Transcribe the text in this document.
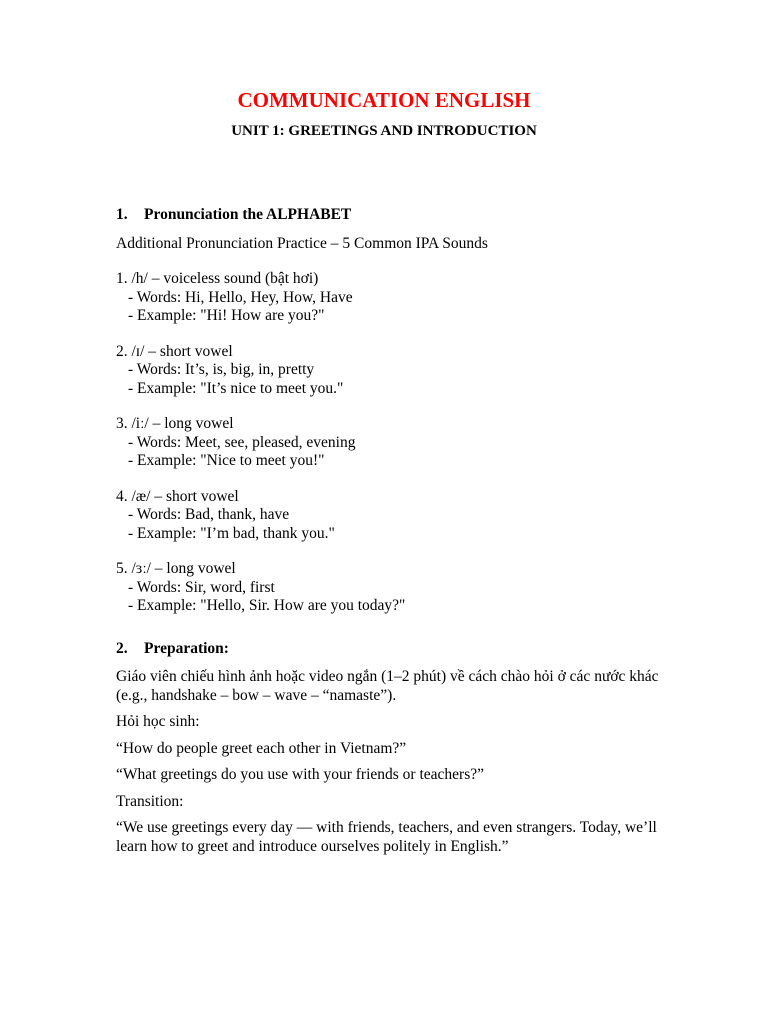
COMMUNICATION ENGLISH
UNIT 1: GREETINGS AND INTRODUCTION
1.	Pronunciation the ALPHABET

Additional Pronunciation Practice – 5 Common IPA Sounds

1. /h/ – voiceless sound (bật hơi)

- Words: Hi, Hello, Hey, How, Have

- Example: "Hi! How are you?"

2. /ɪ/ – short vowel

- Words: It’s, is, big, in, pretty

- Example: "It’s nice to meet you."

3. /iː/ – long vowel

- Words: Meet, see, pleased, evening

- Example: "Nice to meet you!"

4. /æ/ – short vowel

- Words: Bad, thank, have

- Example: "I’m bad, thank you."

5. /ɜː/ – long vowel

- Words: Sir, word, first

- Example: "Hello, Sir. How are you today?"

2.	Preparation:

Giáo viên chiếu hình ảnh hoặc video ngắn (1–2 phút) về cách chào hỏi ở các nước khác (e.g., handshake – bow – wave – “namaste”).

Hỏi học sinh:

“How do people greet each other in Vietnam?”

“What greetings do you use with your friends or teachers?”

Transition:

“We use greetings every day — with friends, teachers, and even strangers. Today, we’ll learn how to greet and introduce ourselves politely in English.”
